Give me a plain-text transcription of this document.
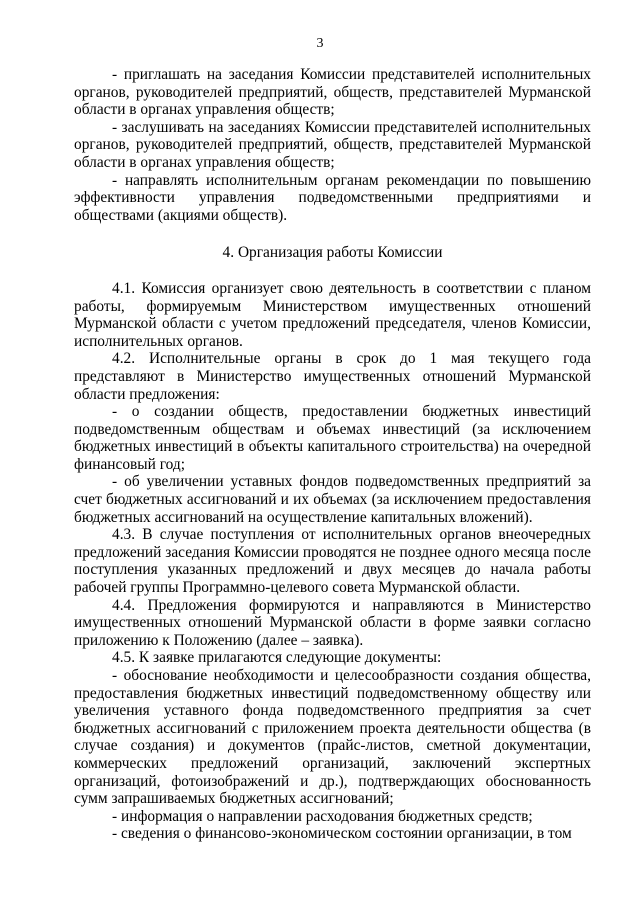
3

- приглашать на заседания Комиссии представителей исполнительных органов, руководителей предприятий, обществ, представителей Мурманской области в органах управления обществ;

- заслушивать на заседаниях Комиссии представителей исполнительных органов, руководителей предприятий, обществ, представителей Мурманской области в органах управления обществ;

- направлять исполнительным органам рекомендации по повышению эффективности управления подведомственными предприятиями и обществами (акциями обществ).

4. Организация работы Комиссии

4.1. Комиссия организует свою деятельность в соответствии с планом работы, формируемым Министерством имущественных отношений Мурманской области с учетом предложений председателя, членов Комиссии, исполнительных органов.

4.2. Исполнительные органы в срок до 1 мая текущего года представляют в Министерство имущественных отношений Мурманской области предложения:

- о создании обществ, предоставлении бюджетных инвестиций подведомственным обществам и объемах инвестиций (за исключением бюджетных инвестиций в объекты капитального строительства) на очередной финансовый год;

- об увеличении уставных фондов подведомственных предприятий за счет бюджетных ассигнований и их объемах (за исключением предоставления бюджетных ассигнований на осуществление капитальных вложений).

4.3. В случае поступления от исполнительных органов внеочередных предложений заседания Комиссии проводятся не позднее одного месяца после поступления указанных предложений и двух месяцев до начала работы рабочей группы Программно-целевого совета Мурманской области.

4.4. Предложения формируются и направляются в Министерство имущественных отношений Мурманской области в форме заявки согласно приложению к Положению (далее – заявка).

4.5. К заявке прилагаются следующие документы:

- обоснование необходимости и целесообразности создания общества, предоставления бюджетных инвестиций подведомственному обществу или увеличения уставного фонда подведомственного предприятия за счет бюджетных ассигнований с приложением проекта деятельности общества (в случае создания) и документов (прайс-листов, сметной документации, коммерческих предложений организаций, заключений экспертных организаций, фотоизображений и др.), подтверждающих обоснованность сумм запрашиваемых бюджетных ассигнований;

- информация о направлении расходования бюджетных средств;

- сведения о финансово-экономическом состоянии организации, в том
